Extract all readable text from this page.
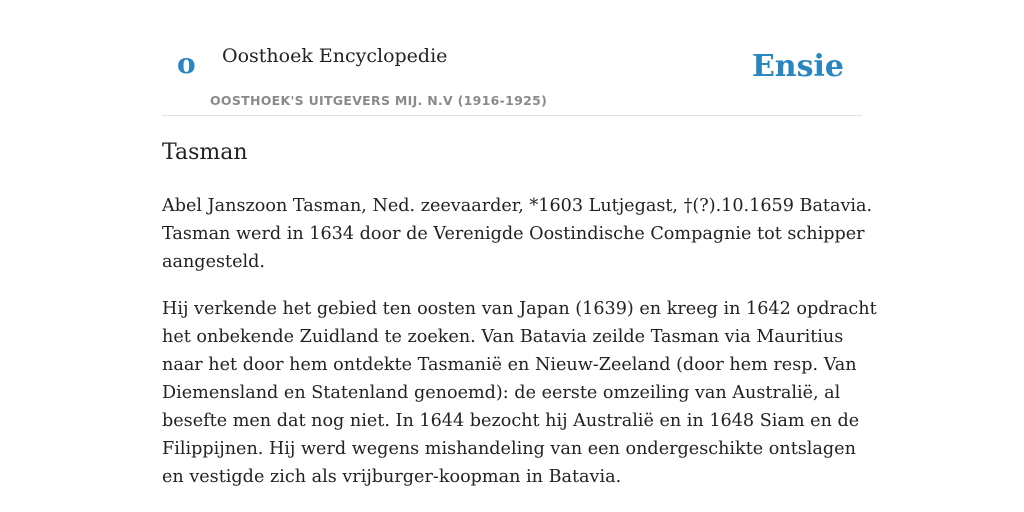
o Oosthoek Encyclopedie
OOSTHOEK'S UITGEVERS MIJ. N.V (1916-1925)
Ensie
Tasman

Abel Janszoon Tasman, Ned. zeevaarder, *1603 Lutjegast, †(?).10.1659 Batavia. Tasman werd in 1634 door de Verenigde Oostindische Compagnie tot schipper aangesteld.

Hij verkende het gebied ten oosten van Japan (1639) en kreeg in 1642 opdracht het onbekende Zuidland te zoeken. Van Batavia zeilde Tasman via Mauritius naar het door hem ontdekte Tasmanië en Nieuw-Zeeland (door hem resp. Van Diemensland en Statenland genoemd): de eerste omzeiling van Australië, al besefte men dat nog niet. In 1644 bezocht hij Australië en in 1648 Siam en de Filippijnen. Hij werd wegens mishandeling van een ondergeschikte ontslagen en vestigde zich als vrijburger-koopman in Batavia.
